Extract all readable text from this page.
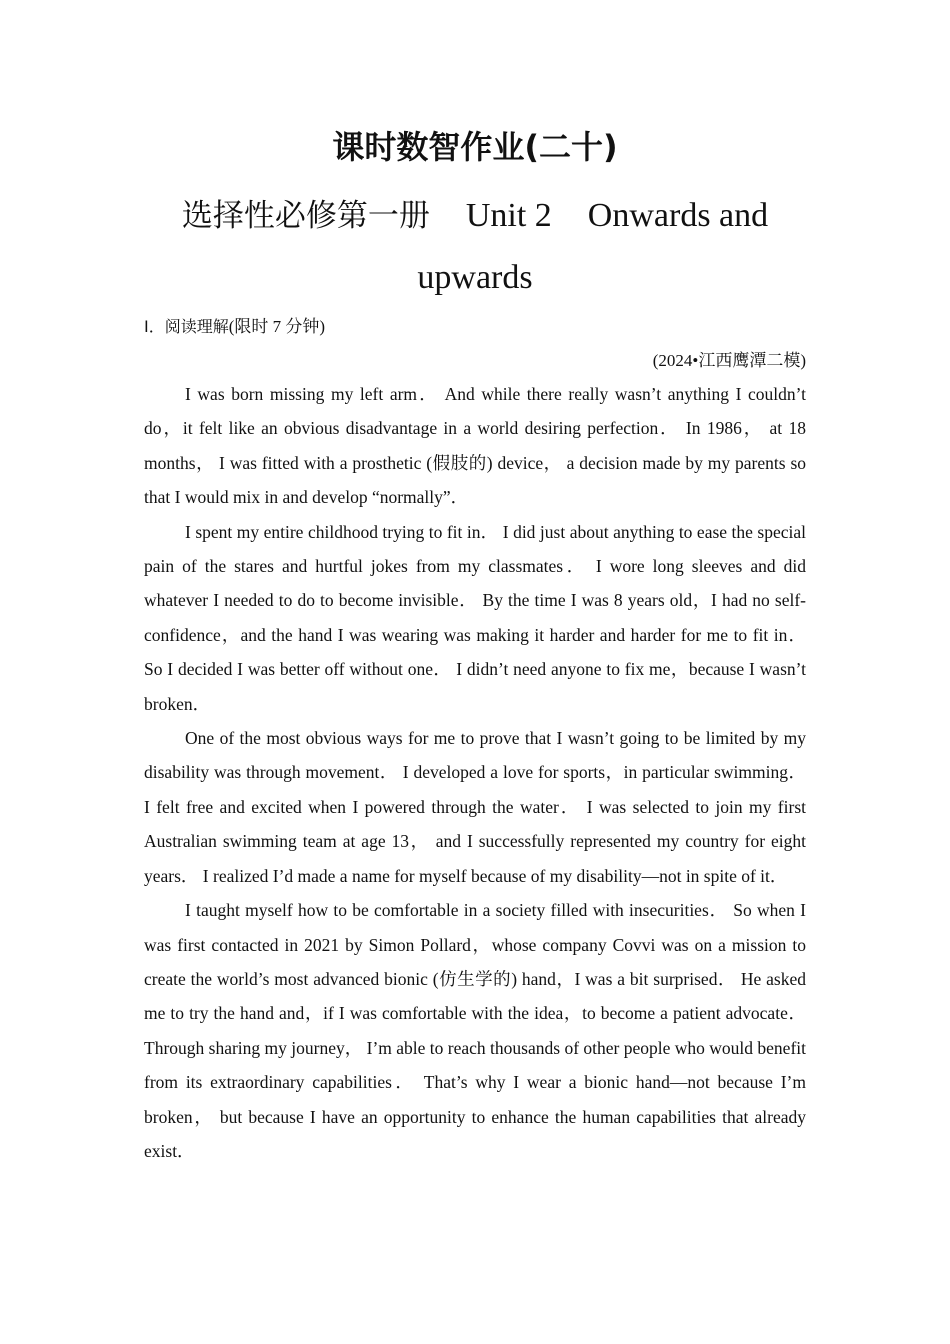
课时数智作业(二十)
选择性必修第一册 Unit 2 Onwards and
upwards
Ⅰ．阅读理解(限时 7 分钟)
(2024•江西鹰潭二模)

I was born missing my left arm． And while there really wasn’t anything I couldn’t do，it felt like an obvious disadvantage in a world desiring perfection． In 1986， at 18 months， I was fitted with a prosthetic (假肢的) device， a decision made by my parents so that I would mix in and develop “normally”．

I spent my entire childhood trying to fit in． I did just about anything to ease the special pain of the stares and hurtful jokes from my classmates． I wore long sleeves and did whatever I needed to do to become invisible． By the time I was 8 years old，I had no self-confidence，and the hand I was wearing was making it harder and harder for me to fit in． So I decided I was better off without one． I didn’t need anyone to fix me，because I wasn’t broken．

One of the most obvious ways for me to prove that I wasn’t going to be limited by my disability was through movement． I developed a love for sports，in particular swimming． I felt free and excited when I powered through the water． I was selected to join my first Australian swimming team at age 13， and I successfully represented my country for eight years． I realized I’d made a name for myself because of my disability—not in spite of it．

I taught myself how to be comfortable in a society filled with insecurities． So when I was first contacted in 2021 by Simon Pollard，whose company Covvi was on a mission to create the world’s most advanced bionic (仿生学的) hand，I was a bit surprised． He asked me to try the hand and，if I was comfortable with the idea，to become a patient advocate． Through sharing my journey， I’m able to reach thousands of other people who would benefit from its extraordinary capabilities． That’s why I wear a bionic hand—not because I’m broken， but because I have an opportunity to enhance the human capabilities that already exist．
